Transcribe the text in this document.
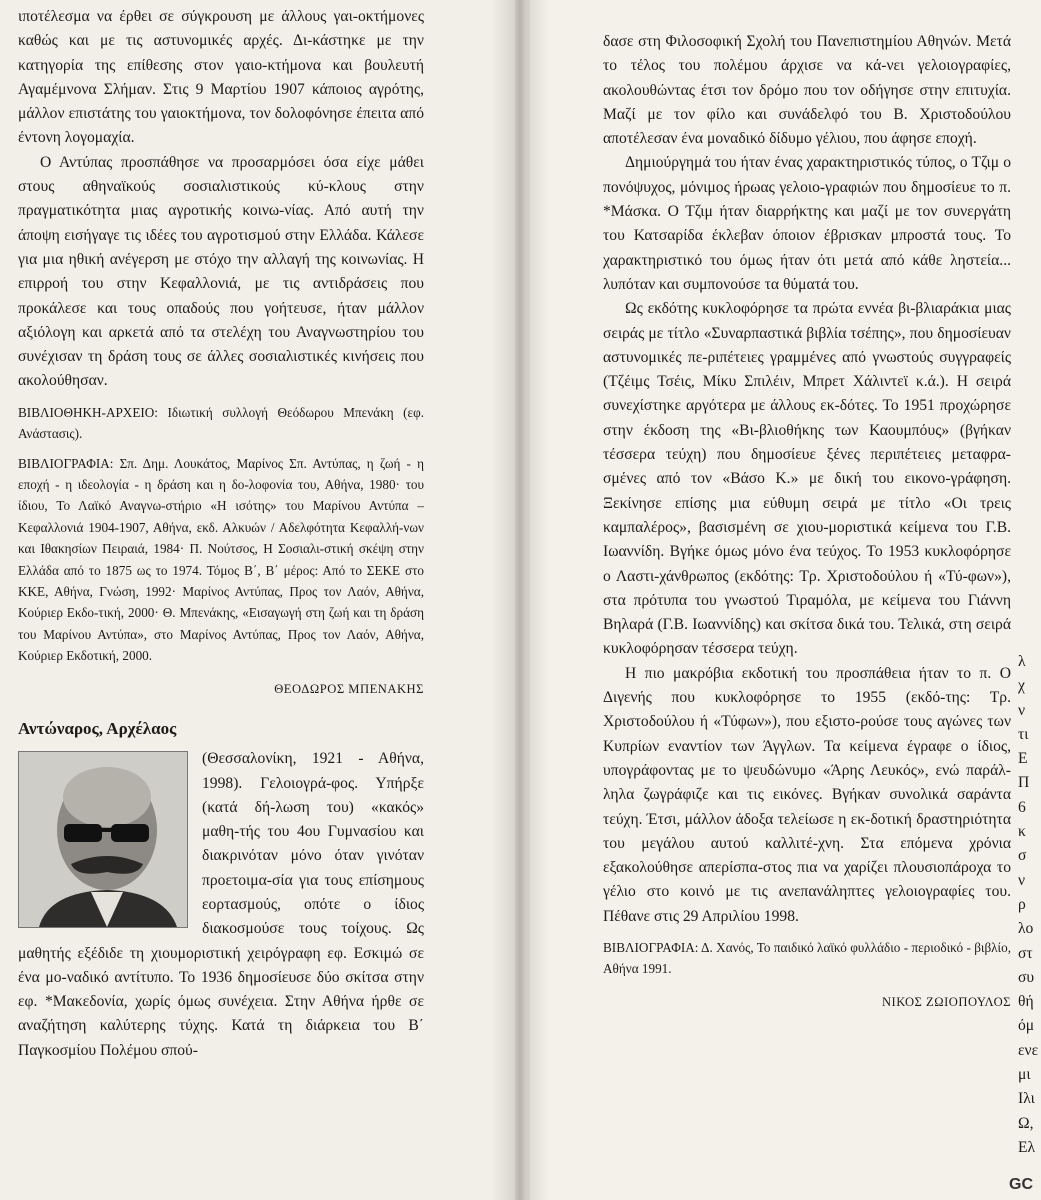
ιποτέλεσμα να έρθει σε σύγκρουση με άλλους γαι-οκτήμονες καθώς και με τις αστυνομικές αρχές. Δι-κάστηκε με την κατηγορία της επίθεσης στον γαιο-κτήμονα και βουλευτή Αγαμέμνονα Σλήμαν. Στις 9 Μαρτίου 1907 κάποιος αγρότης, μάλλον επιστάτης του γαιοκτήμονα, τον δολοφόνησε έπειτα από έντονη λογομαχία.

Ο Αντύπας προσπάθησε να προσαρμόσει όσα είχε μάθει στους αθηναϊκούς σοσιαλιστικούς κύ-κλους στην πραγματικότητα μιας αγροτικής κοινω-νίας. Από αυτή την άποψη εισήγαγε τις ιδέες του αγροτισμού στην Ελλάδα. Κάλεσε για μια ηθική ανέγερση με στόχο την αλλαγή της κοινωνίας. Η επιρροή του στην Κεφαλλονιά, με τις αντιδράσεις που προκάλεσε και τους οπαδούς που γοήτευσε, ήταν μάλλον αξιόλογη και αρκετά από τα στελέχη του Αναγνωστηρίου του συνέχισαν τη δράση τους σε άλλες σοσιαλιστικές κινήσεις που ακολούθησαν.

ΒΙΒΛΙΟΘΗΚΗ-ΑΡΧΕΙΟ: Ιδιωτική συλλογή Θεόδωρου Μπενάκη (εφ. Ανάστασις).

ΒΙΒΛΙΟΓΡΑΦΙΑ: Σπ. Δημ. Λουκάτος, Μαρίνος Σπ. Αντύπας, η ζωή - η εποχή - η ιδεολογία - η δράση και η δο-λοφονία του, Αθήνα, 1980· του ίδιου, Το Λαϊκό Αναγνω-στήριο «Η ισότης» του Μαρίνου Αντύπα –Κεφαλλονιά 1904-1907, Αθήνα, εκδ. Αλκυών / Αδελφότητα Κεφαλλή-νων και Ιθακησίων Πειραιά, 1984· Π. Νούτσος, Η Σοσιαλι-στική σκέψη στην Ελλάδα από το 1875 ως το 1974. Τόμος Β΄, Β΄ μέρος: Από το ΣΕΚΕ στο ΚΚΕ, Αθήνα, Γνώση, 1992· Μαρίνος Αντύπας, Προς τον Λαόν, Αθήνα, Κούριερ Εκδο-τική, 2000· Θ. Μπενάκης, «Εισαγωγή στη ζωή και τη δράση του Μαρίνου Αντύπα», στο Μαρίνος Αντύπας, Προς τον Λαόν, Αθήνα, Κούριερ Εκδοτική, 2000.

ΘΕΟΔΩΡΟΣ ΜΠΕΝΑΚΗΣ

Αντώναρος, Αρχέλαος

(Θεσσαλονίκη, 1921 - Αθήνα, 1998). Γελοιογρά-φος. Υπήρξε (κατά δή-λωση του) «κακός» μαθη-τής του 4ου Γυμνασίου και διακρινόταν μόνο όταν γινόταν προετοιμα-σία για τους επίσημους εορτασμούς, οπότε ο ίδιος διακοσμούσε τους τοίχους. Ως μαθητής εξέδιδε τη χιουμοριστική χειρόγραφη εφ. Εσκιμώ σε ένα μο-ναδικό αντίτυπο. Το 1936 δημοσίευσε δύο σκίτσα στην εφ. *Μακεδονία, χωρίς όμως συνέχεια. Στην Αθήνα ήρθε σε αναζήτηση καλύτερης τύχης. Κατά τη διάρκεια του Β΄ Παγκοσμίου Πολέμου σπού-

δασε στη Φιλοσοφική Σχολή του Πανεπιστημίου Αθηνών. Μετά το τέλος του πολέμου άρχισε να κά-νει γελοιογραφίες, ακολουθώντας έτσι τον δρόμο που τον οδήγησε στην επιτυχία. Μαζί με τον φίλο και συνάδελφό του Β. Χριστοδούλου αποτέλεσαν ένα μοναδικό δίδυμο γέλιου, που άφησε εποχή.

Δημιούργημά του ήταν ένας χαρακτηριστικός τύπος, ο Τζιμ ο πονόψυχος, μόνιμος ήρωας γελοιο-γραφιών που δημοσίευε το π. *Μάσκα. Ο Τζιμ ήταν διαρρήκτης και μαζί με τον συνεργάτη του Κατσαρίδα έκλεβαν όποιον έβρισκαν μπροστά τους. Το χαρακτηριστικό του όμως ήταν ότι μετά από κάθε ληστεία... λυπόταν και συμπονούσε τα θύματά του.

Ως εκδότης κυκλοφόρησε τα πρώτα εννέα βι-βλιαράκια μιας σειράς με τίτλο «Συναρπαστικά βιβλία τσέπης», που δημοσίευαν αστυνομικές πε-ριπέτειες γραμμένες από γνωστούς συγγραφείς (Τζέιμς Τσέις, Μίκυ Σπιλέιν, Μπρετ Χάλιντεϊ κ.ά.). Η σειρά συνεχίστηκε αργότερα με άλλους εκ-δότες. Το 1951 προχώρησε στην έκδοση της «Βι-βλιοθήκης των Καουμπόυς» (βγήκαν τέσσερα τεύχη) που δημοσίευε ξένες περιπέτειες μεταφρα-σμένες από τον «Βάσο Κ.» με δική του εικονο-γράφηση. Ξεκίνησε επίσης μια εύθυμη σειρά με τίτλο «Οι τρεις καμπαλέρος», βασισμένη σε χιου-μοριστικά κείμενα του Γ.Β. Ιωαννίδη. Βγήκε όμως μόνο ένα τεύχος. Το 1953 κυκλοφόρησε ο Λαστι-χάνθρωπος (εκδότης: Τρ. Χριστοδούλου ή «Τύ-φων»), στα πρότυπα του γνωστού Τιραμόλα, με κείμενα του Γιάννη Βηλαρά (Γ.Β. Ιωαννίδης) και σκίτσα δικά του. Τελικά, στη σειρά κυκλοφόρησαν τέσσερα τεύχη.

Η πιο μακρόβια εκδοτική του προσπάθεια ήταν το π. Ο Διγενής που κυκλοφόρησε το 1955 (εκδό-της: Τρ. Χριστοδούλου ή «Τύφων»), που εξιστο-ρούσε τους αγώνες των Κυπρίων εναντίον των Άγγλων. Τα κείμενα έγραφε ο ίδιος, υπογράφοντας με το ψευδώνυμο «Άρης Λευκός», ενώ παράλ-ληλα ζωγράφιζε και τις εικόνες. Βγήκαν συνολικά σαράντα τεύχη. Έτσι, μάλλον άδοξα τελείωσε η εκ-δοτική δραστηριότητα του μεγάλου αυτού καλλιτέ-χνη. Στα επόμενα χρόνια εξακολούθησε απερίσπα-στος πια να χαρίζει πλουσιοπάροχα το γέλιο στο κοινό με τις ανεπανάληπτες γελοιογραφίες του. Πέθανε στις 29 Απριλίου 1998.

ΒΙΒΛΙΟΓΡΑΦΙΑ: Δ. Χανός, Το παιδικό λαϊκό φυλλάδιο - περιοδικό - βιβλίο, Αθήνα 1991.

ΝΙΚΟΣ ΖΩΙΟΠΟΥΛΟΣ

λ
χ
ν
τι
Ε
Π
6
κ
σ
ν
ρ
λο
στ
συ
θή
όμ
ενε
μι
Ιλι
Ω,
Ελ
GC
